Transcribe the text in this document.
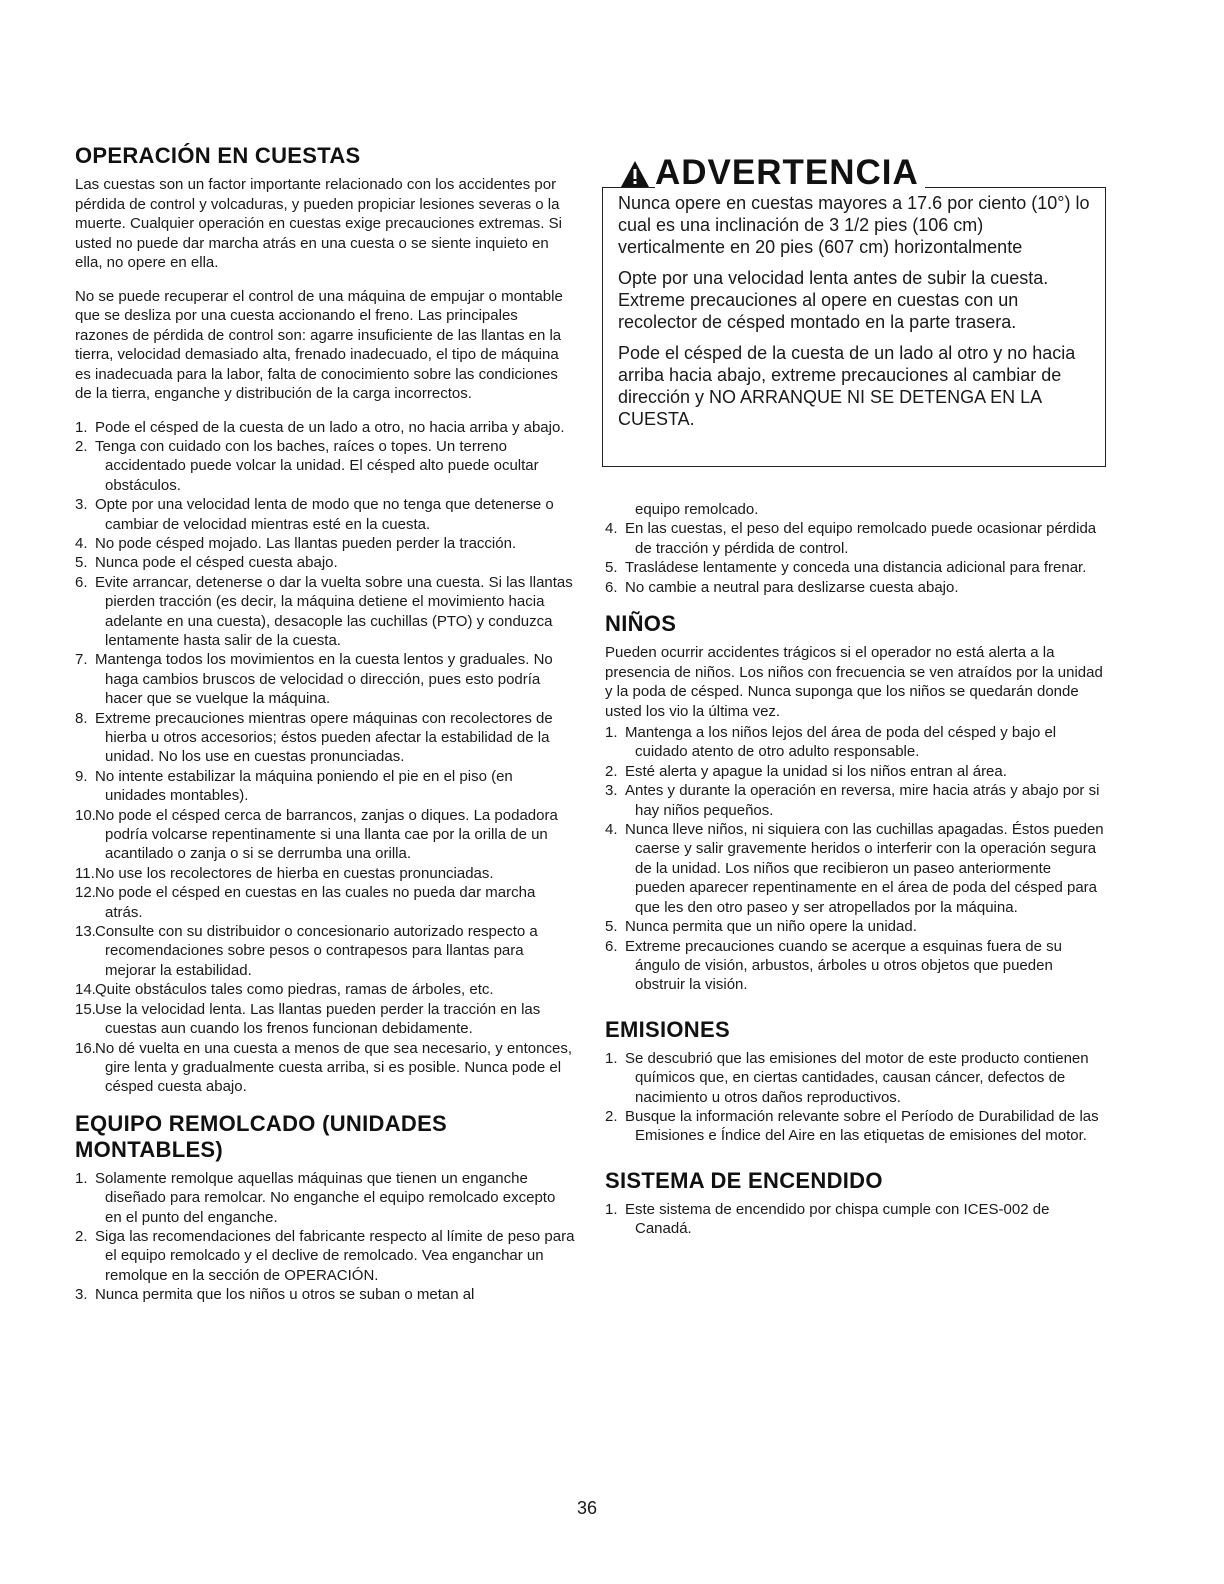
OPERACIÓN EN CUESTAS

Las cuestas son un factor importante relacionado con los accidentes por pérdida de control y volcaduras, y pueden propiciar lesiones severas o la muerte. Cualquier operación en cuestas exige precauciones extremas. Si usted no puede dar marcha atrás en una cuesta o se siente inquieto en ella, no opere en ella.

No se puede recuperar el control de una máquina de empujar o montable que se desliza por una cuesta accionando el freno. Las principales razones de pérdida de control son: agarre insuficiente de las llantas en la tierra, velocidad demasiado alta, frenado inadecuado, el tipo de máquina es inadecuada para la labor, falta de conocimiento sobre las condiciones de la tierra, enganche y distribución de la carga incorrectos.

1. Pode el césped de la cuesta de un lado a otro, no hacia arriba y abajo.
2. Tenga con cuidado con los baches, raíces o topes. Un terreno accidentado puede volcar la unidad. El césped alto puede ocultar obstáculos.
3. Opte por una velocidad lenta de modo que no tenga que detenerse o cambiar de velocidad mientras esté en la cuesta.
4. No pode césped mojado. Las llantas pueden perder la tracción.
5. Nunca pode el césped cuesta abajo.
6. Evite arrancar, detenerse o dar la vuelta sobre una cuesta. Si las llantas pierden tracción (es decir, la máquina detiene el movimiento hacia adelante en una cuesta), desacople las cuchillas (PTO) y conduzca lentamente hasta salir de la cuesta.
7. Mantenga todos los movimientos en la cuesta lentos y graduales. No haga cambios bruscos de velocidad o dirección, pues esto podría hacer que se vuelque la máquina.
8. Extreme precauciones mientras opere máquinas con recolectores de hierba u otros accesorios; éstos pueden afectar la estabilidad de la unidad. No los use en cuestas pronunciadas.
9. No intente estabilizar la máquina poniendo el pie en el piso (en unidades montables).
10.No pode el césped cerca de barrancos, zanjas o diques. La podadora podría volcarse repentinamente si una llanta cae por la orilla de un acantilado o zanja o si se derrumba una orilla.
11.No use los recolectores de hierba en cuestas pronunciadas.
12.No pode el césped en cuestas en las cuales no pueda dar marcha atrás.
13.Consulte con su distribuidor o concesionario autorizado respecto a recomendaciones sobre pesos o contrapesos para llantas para mejorar la estabilidad.
14.Quite obstáculos tales como piedras, ramas de árboles, etc.
15.Use la velocidad lenta. Las llantas pueden perder la tracción en las cuestas aun cuando los frenos funcionan debidamente.
16.No dé vuelta en una cuesta a menos de que sea necesario, y entonces, gire lenta y gradualmente cuesta arriba, si es posible. Nunca pode el césped cuesta abajo.
EQUIPO REMOLCADO (UNIDADES MONTABLES)
1. Solamente remolque aquellas máquinas que tienen un enganche diseñado para remolcar. No enganche el equipo remolcado excepto en el punto del enganche.
2. Siga las recomendaciones del fabricante respecto al límite de peso para el equipo remolcado y el declive de remolcado. Vea enganchar un remolque en la sección de OPERACIÓN.
3. Nunca permita que los niños u otros se suban o metan al
ADVERTENCIA

Nunca opere en cuestas mayores a 17.6 por ciento (10°) lo cual es una inclinación de 3 1/2 pies (106 cm) verticalmente en 20 pies (607 cm) horizontalmente

Opte por una velocidad lenta antes de subir la cuesta. Extreme precauciones al opere en cuestas con un recolector de césped montado en la parte trasera.

Pode el césped de la cuesta de un lado al otro y no hacia arriba hacia abajo, extreme precauciones al cambiar de dirección y NO ARRANQUE NI SE DETENGA EN LA CUESTA.

equipo remolcado.
4. En las cuestas, el peso del equipo remolcado puede ocasionar pérdida de tracción y pérdida de control.
5. Trasládese lentamente y conceda una distancia adicional para frenar.
6. No cambie a neutral para deslizarse cuesta abajo.
NIÑOS

Pueden ocurrir accidentes trágicos si el operador no está alerta a la presencia de niños. Los niños con frecuencia se ven atraídos por la unidad y la poda de césped. Nunca suponga que los niños se quedarán donde usted los vio la última vez.

1. Mantenga a los niños lejos del área de poda del césped y bajo el cuidado atento de otro adulto responsable.
2. Esté alerta y apague la unidad si los niños entran al área.
3. Antes y durante la operación en reversa, mire hacia atrás y abajo por si hay niños pequeños.
4. Nunca lleve niños, ni siquiera con las cuchillas apagadas. Éstos pueden caerse y salir gravemente heridos o interferir con la operación segura de la unidad. Los niños que recibieron un paseo anteriormente pueden aparecer repentinamente en el área de poda del césped para que les den otro paseo y ser atropellados por la máquina.
5. Nunca permita que un niño opere la unidad.
6. Extreme precauciones cuando se acerque a esquinas fuera de su ángulo de visión, arbustos, árboles u otros objetos que pueden obstruir la visión.
EMISIONES
1. Se descubrió que las emisiones del motor de este producto contienen químicos que, en ciertas cantidades, causan cáncer, defectos de nacimiento u otros daños reproductivos.
2. Busque la información relevante sobre el Período de Durabilidad de las Emisiones e Índice del Aire en las etiquetas de emisiones del motor.
SISTEMA DE ENCENDIDO
1. Este sistema de encendido por chispa cumple con ICES-002 de Canadá.
36
